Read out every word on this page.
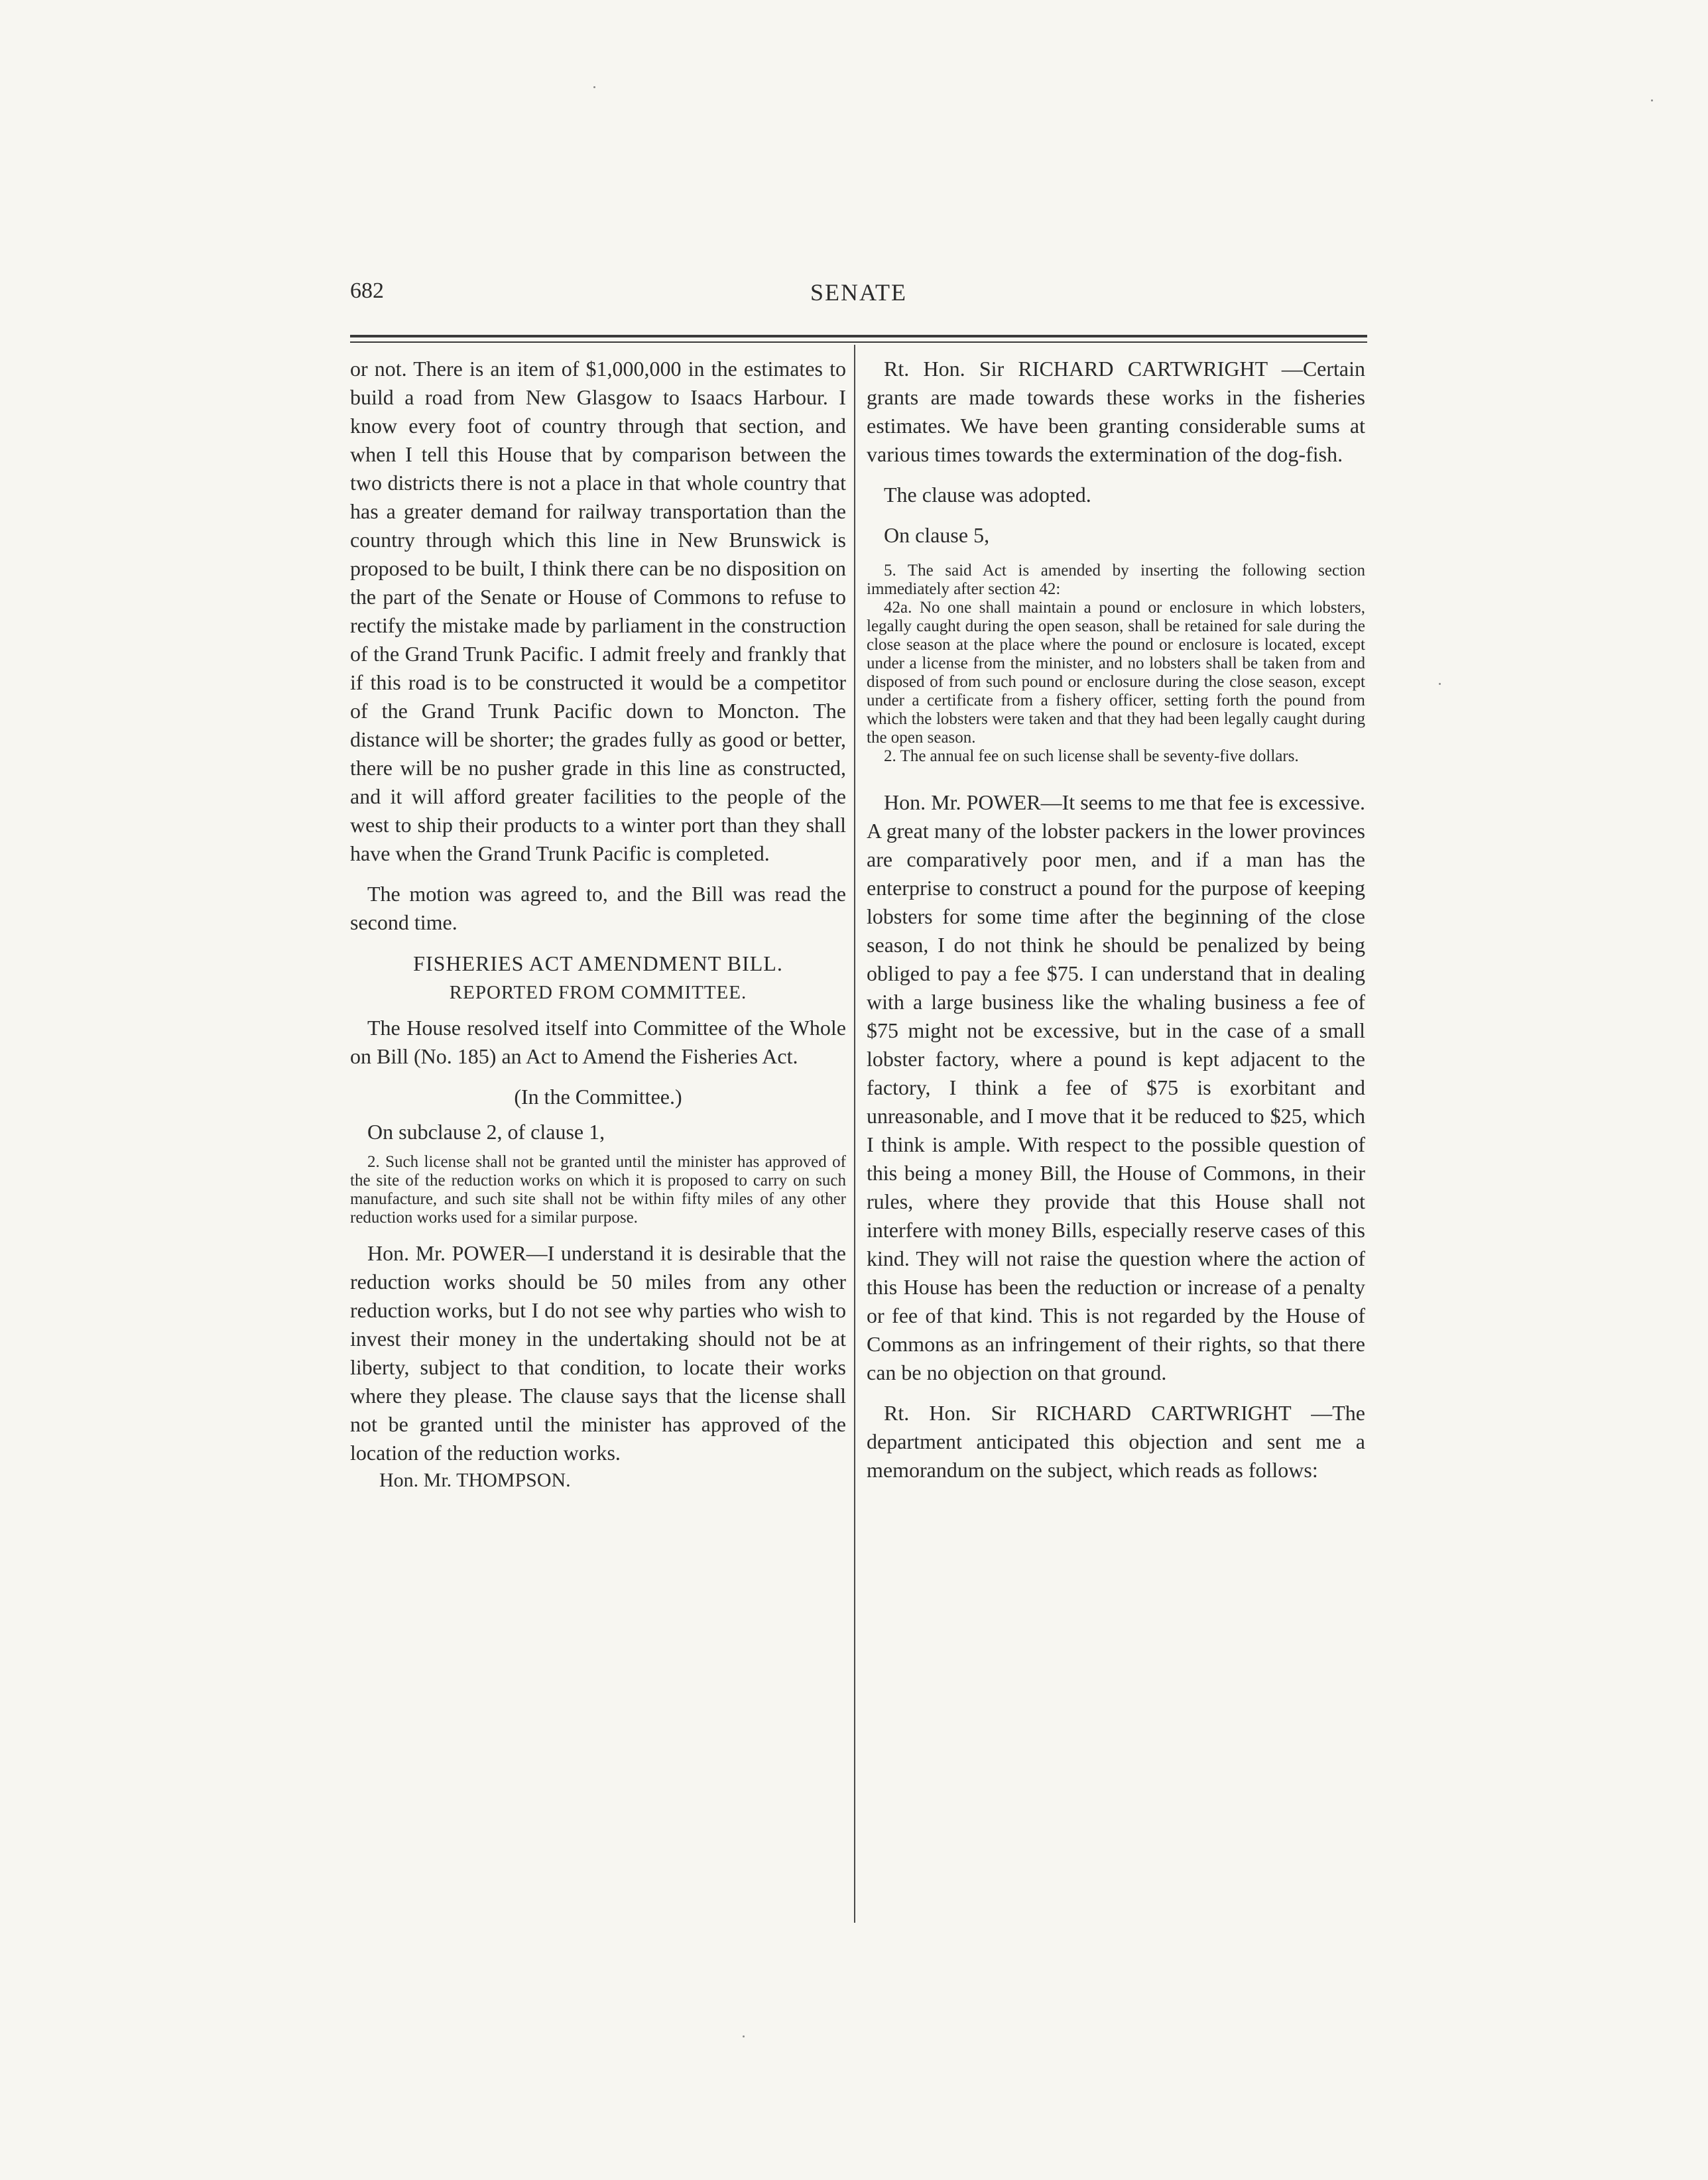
682	SENATE

or not. There is an item of $1,000,000 in the estimates to build a road from New Glasgow to Isaacs Harbour. I know every foot of country through that section, and when I tell this House that by comparison between the two districts there is not a place in that whole country that has a greater demand for railway transportation than the country through which this line in New Brunswick is proposed to be built, I think there can be no disposition on the part of the Senate or House of Commons to refuse to rectify the mistake made by parliament in the construction of the Grand Trunk Pacific. I admit freely and frankly that if this road is to be constructed it would be a competitor of the Grand Trunk Pacific down to Moncton. The distance will be shorter; the grades fully as good or better, there will be no pusher grade in this line as constructed, and it will afford greater facilities to the people of the west to ship their products to a winter port than they shall have when the Grand Trunk Pacific is completed.

The motion was agreed to, and the Bill was read the second time.

FISHERIES ACT AMENDMENT BILL.

REPORTED FROM COMMITTEE.

The House resolved itself into Committee of the Whole on Bill (No. 185) an Act to Amend the Fisheries Act.

(In the Committee.)

On subclause 2, of clause 1,

2. Such license shall not be granted until the minister has approved of the site of the reduction works on which it is proposed to carry on such manufacture, and such site shall not be within fifty miles of any other reduction works used for a similar purpose.

Hon. Mr. POWER—I understand it is desirable that the reduction works should be 50 miles from any other reduction works, but I do not see why parties who wish to invest their money in the undertaking should not be at liberty, subject to that condition, to locate their works where they please. The clause says that the license shall not be granted until the minister has approved of the location of the reduction works.

Hon. Mr. THOMPSON.

Rt. Hon. Sir RICHARD CARTWRIGHT —Certain grants are made towards these works in the fisheries estimates. We have been granting considerable sums at various times towards the extermination of the dog-fish.

The clause was adopted.

On clause 5,

5. The said Act is amended by inserting the following section immediately after section 42:

42a. No one shall maintain a pound or enclosure in which lobsters, legally caught during the open season, shall be retained for sale during the close season at the place where the pound or enclosure is located, except under a license from the minister, and no lobsters shall be taken from and disposed of from such pound or enclosure during the close season, except under a certificate from a fishery officer, setting forth the pound from which the lobsters were taken and that they had been legally caught during the open season.

2. The annual fee on such license shall be seventy-five dollars.

Hon. Mr. POWER—It seems to me that fee is excessive. A great many of the lobster packers in the lower provinces are comparatively poor men, and if a man has the enterprise to construct a pound for the purpose of keeping lobsters for some time after the beginning of the close season, I do not think he should be penalized by being obliged to pay a fee $75. I can understand that in dealing with a large business like the whaling business a fee of $75 might not be excessive, but in the case of a small lobster factory, where a pound is kept adjacent to the factory, I think a fee of $75 is exorbitant and unreasonable, and I move that it be reduced to $25, which I think is ample. With respect to the possible question of this being a money Bill, the House of Commons, in their rules, where they provide that this House shall not interfere with money Bills, especially reserve cases of this kind. They will not raise the question where the action of this House has been the reduction or increase of a penalty or fee of that kind. This is not regarded by the House of Commons as an infringement of their rights, so that there can be no objection on that ground.

Rt. Hon. Sir RICHARD CARTWRIGHT —The department anticipated this objection and sent me a memorandum on the subject, which reads as follows:
